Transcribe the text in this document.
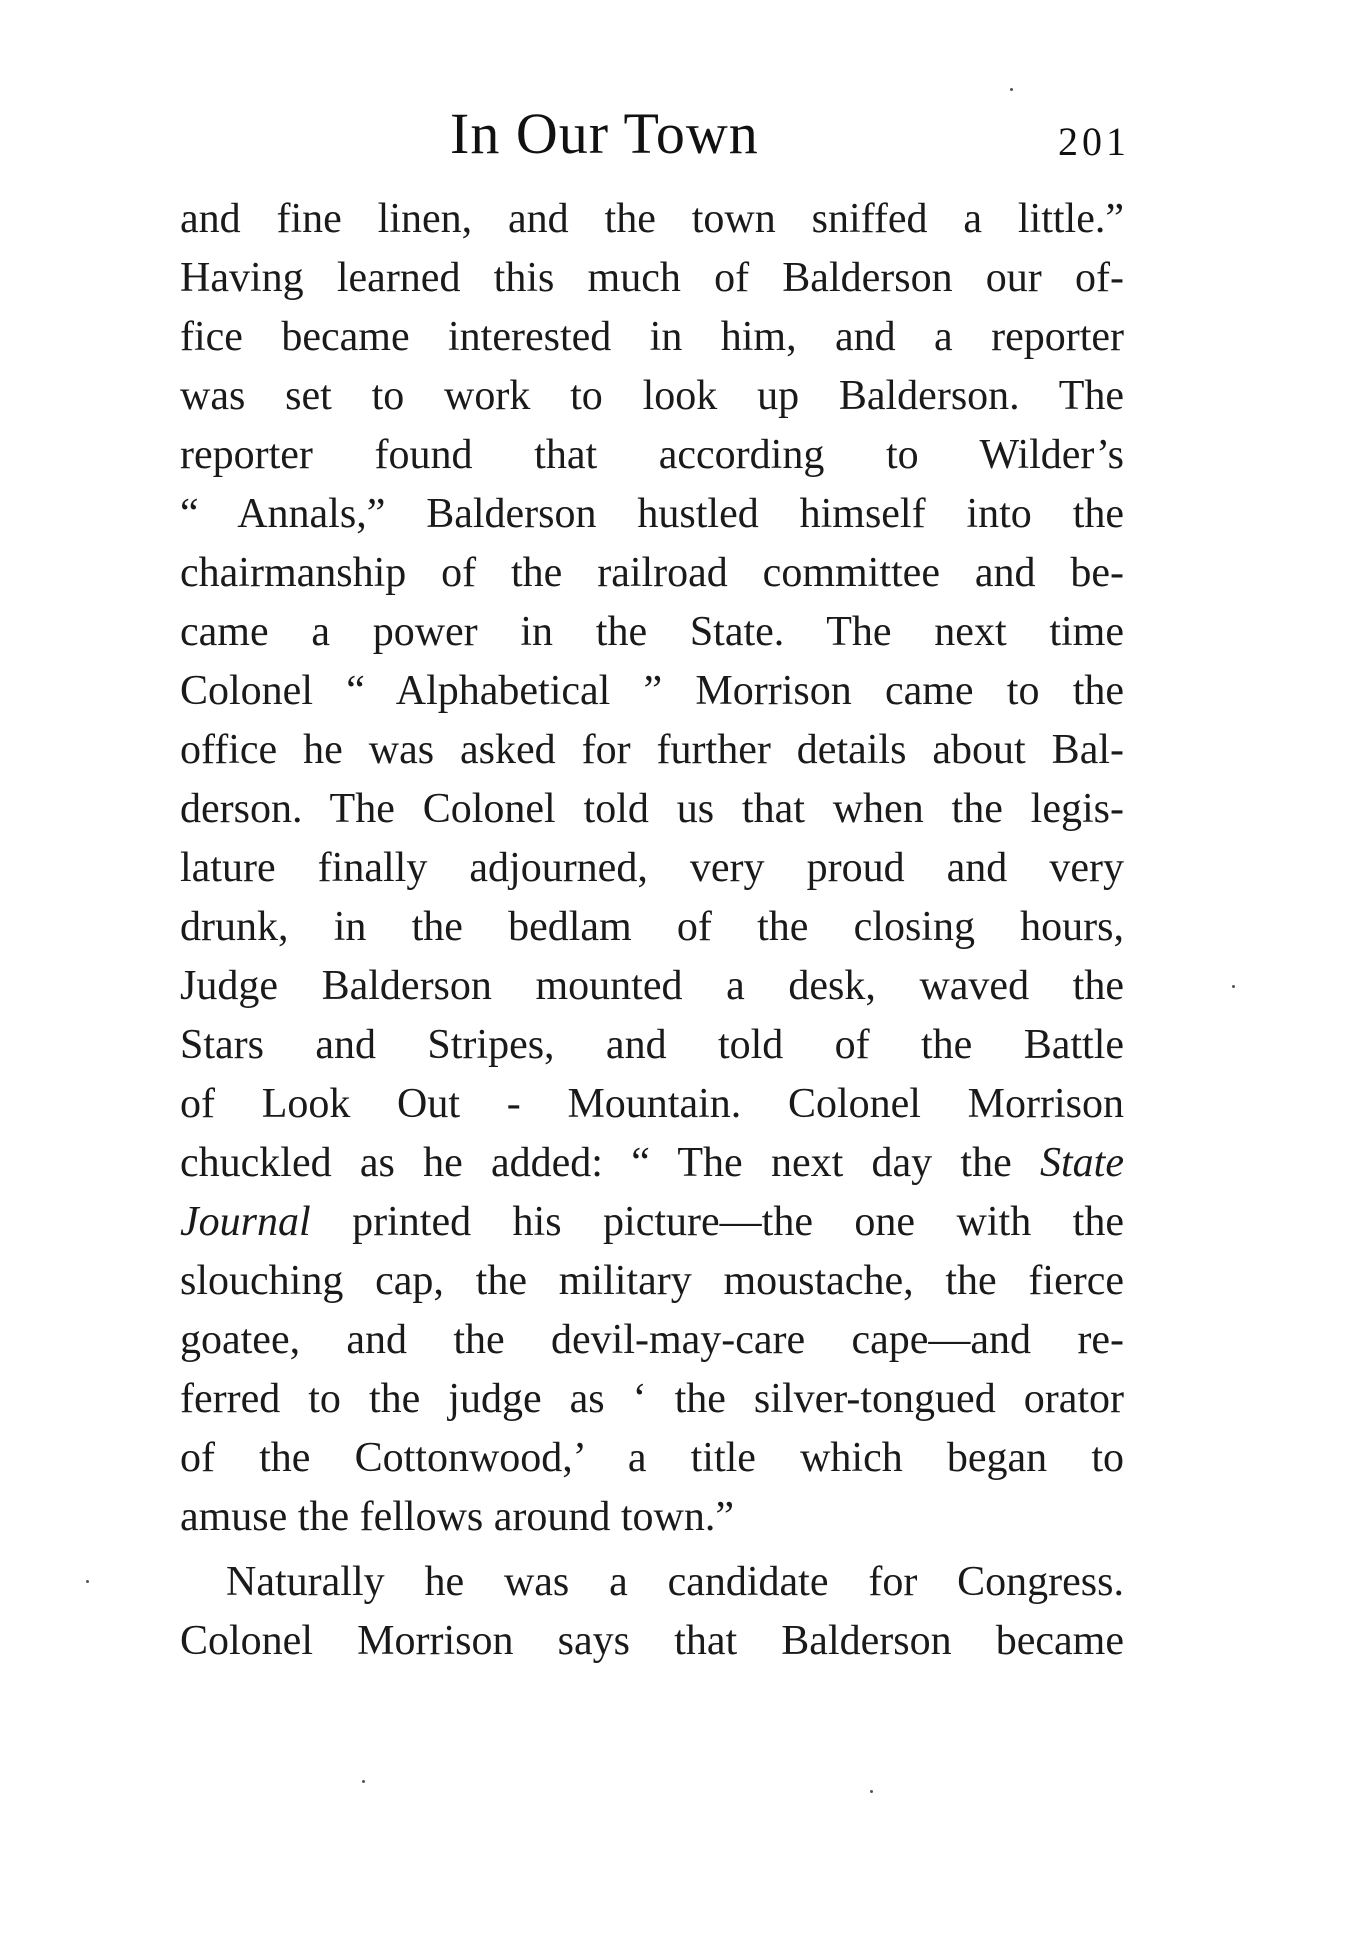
In Our Town	201
and fine linen, and the town sniffed a little.”
Having learned this much of Balderson our of-
fice became interested in him, and a reporter
was set to work to look up Balderson. The
reporter found that according to Wilder’s
“ Annals,” Balderson hustled himself into the
chairmanship of the railroad committee and be-
came a power in the State. The next time
Colonel “ Alphabetical ” Morrison came to the
office he was asked for further details about Bal-
derson. The Colonel told us that when the legis-
lature finally adjourned, very proud and very
drunk, in the bedlam of the closing hours,
Judge Balderson mounted a desk, waved the
Stars and Stripes, and told of the Battle
of Look Out - Mountain. Colonel Morrison
chuckled as he added: “ The next day the State
Journal printed his picture—the one with the
slouching cap, the military moustache, the fierce
goatee, and the devil-may-care cape—and re-
ferred to the judge as ‘ the silver-tongued orator
of the Cottonwood,’ a title which began to
amuse the fellows around town.”
Naturally he was a candidate for Congress.
Colonel Morrison says that Balderson became
